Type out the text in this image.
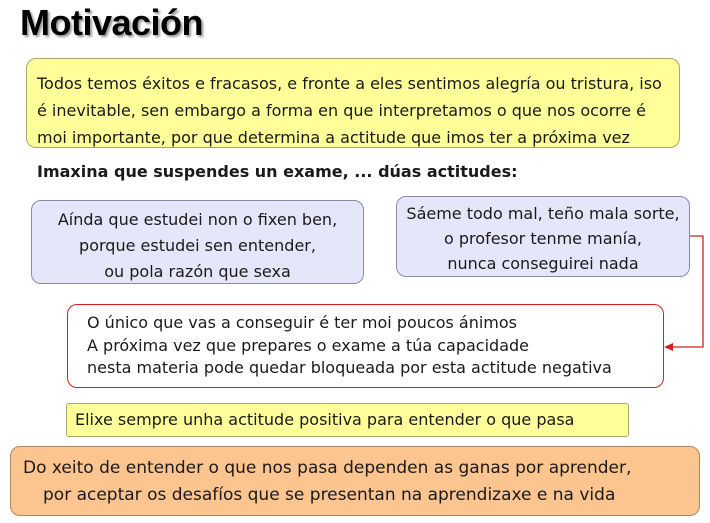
Motivación
Todos temos éxitos e fracasos, e fronte a eles sentimos alegría ou tristura, iso
é inevitable, sen embargo a forma en que interpretamos o que nos ocorre é
moi importante, por que determina a actitude que imos ter a próxima vez
Imaxina que suspendes un exame, ... dúas actitudes:
Aínda que estudei non o fixen ben,
porque estudei sen entender,
ou pola razón que sexa
Sáeme todo mal, teño mala sorte,
o profesor tenme manía,
nunca conseguirei nada
O único que vas a conseguir é ter moi poucos ánimos
A próxima vez que prepares o exame a túa capacidade
nesta materia pode quedar bloqueada por esta actitude negativa
Elixe sempre unha actitude positiva para entender o que pasa
Do xeito de entender o que nos pasa dependen as ganas por aprender,
por aceptar os desafíos que se presentan na aprendizaxe e na vida
